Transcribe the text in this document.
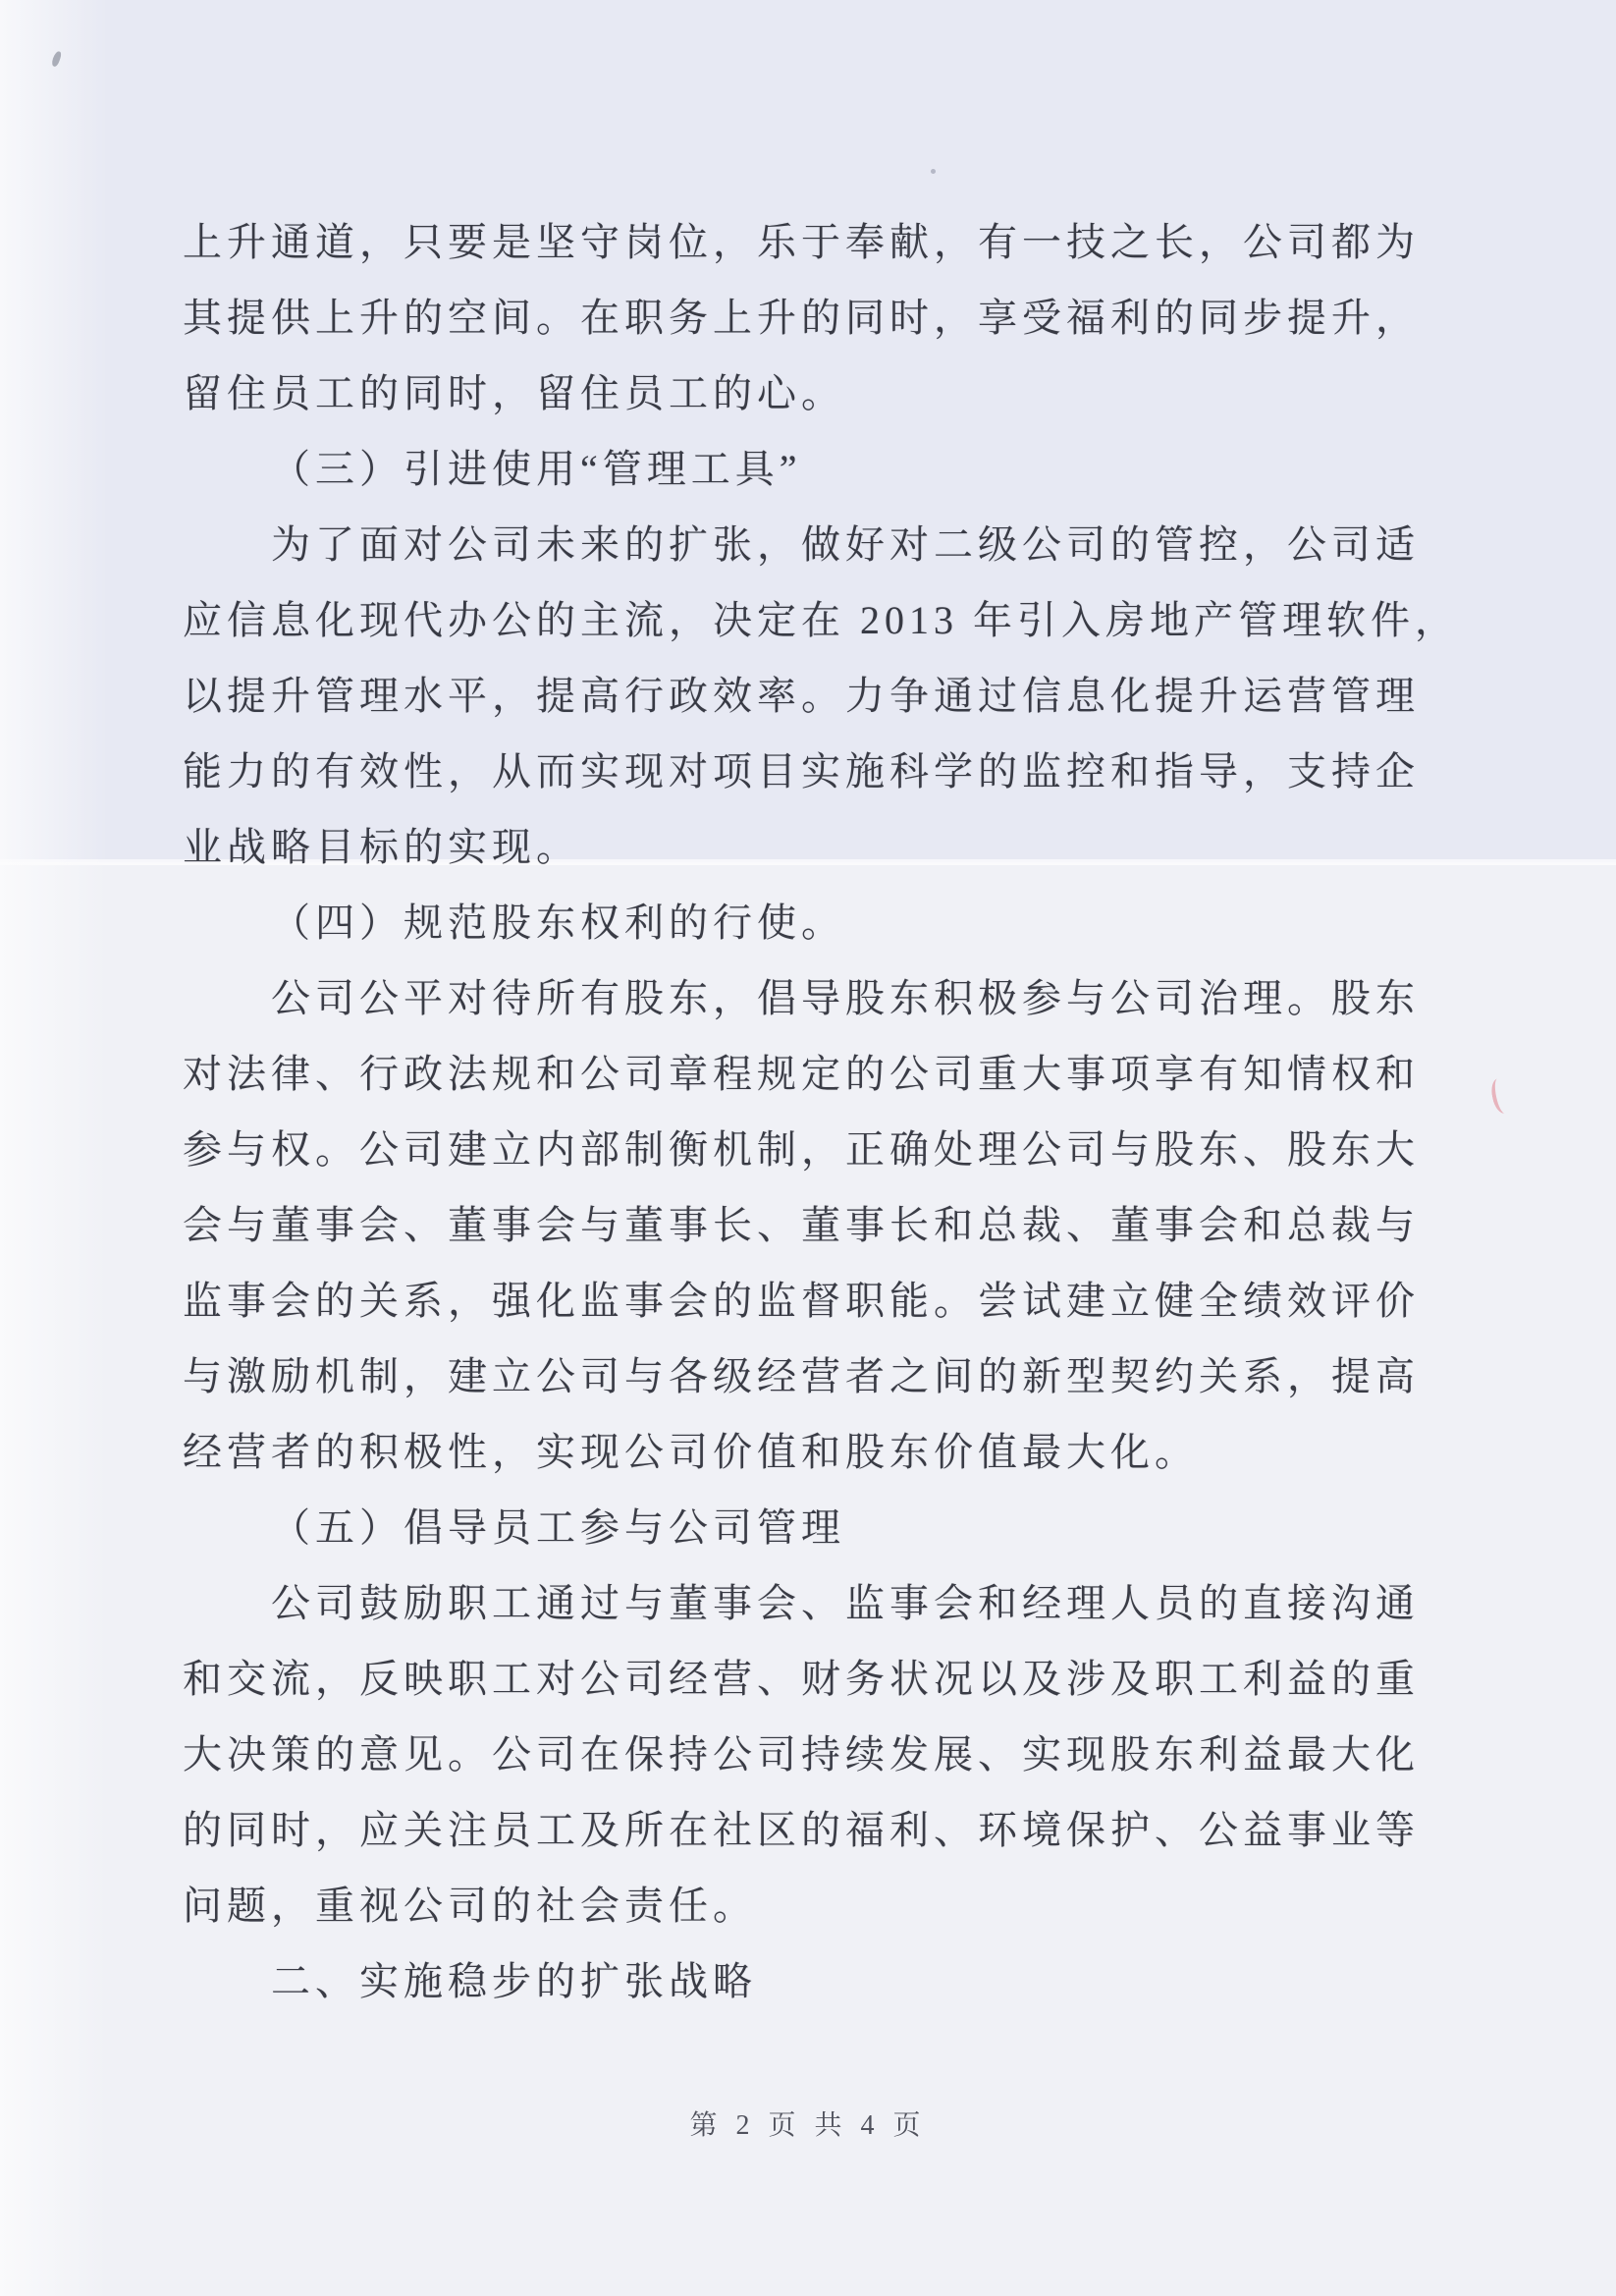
上升通道，只要是坚守岗位，乐于奉献，有一技之长，公司都为
其提供上升的空间。在职务上升的同时，享受福利的同步提升，
留住员工的同时，留住员工的心。
（三）引进使用“管理工具”
为了面对公司未来的扩张，做好对二级公司的管控，公司适
应信息化现代办公的主流，决定在 2013 年引入房地产管理软件，
以提升管理水平，提高行政效率。力争通过信息化提升运营管理
能力的有效性，从而实现对项目实施科学的监控和指导，支持企
业战略目标的实现。
（四）规范股东权利的行使。
公司公平对待所有股东，倡导股东积极参与公司治理。股东
对法律、行政法规和公司章程规定的公司重大事项享有知情权和
参与权。公司建立内部制衡机制，正确处理公司与股东、股东大
会与董事会、董事会与董事长、董事长和总裁、董事会和总裁与
监事会的关系，强化监事会的监督职能。尝试建立健全绩效评价
与激励机制，建立公司与各级经营者之间的新型契约关系，提高
经营者的积极性，实现公司价值和股东价值最大化。
（五）倡导员工参与公司管理
公司鼓励职工通过与董事会、监事会和经理人员的直接沟通
和交流，反映职工对公司经营、财务状况以及涉及职工利益的重
大决策的意见。公司在保持公司持续发展、实现股东利益最大化
的同时，应关注员工及所在社区的福利、环境保护、公益事业等
问题，重视公司的社会责任。
二、实施稳步的扩张战略
第 2 页 共 4 页
